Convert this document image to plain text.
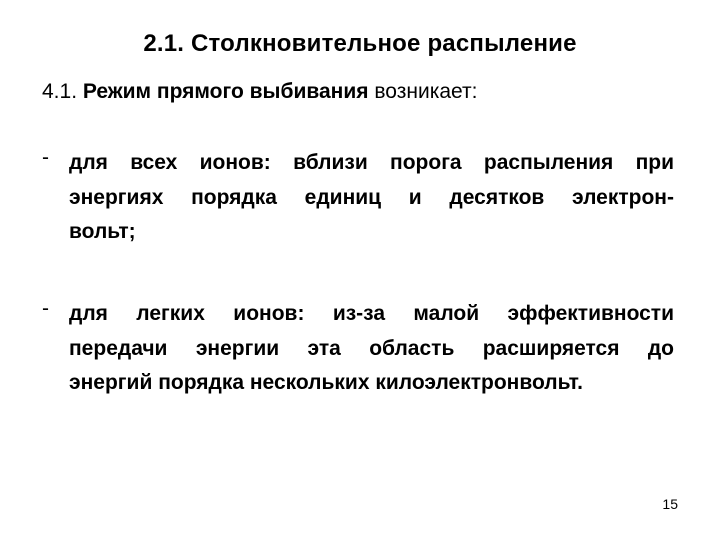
2.1. Столкновительное распыление
4.1. Режим прямого выбивания возникает:
- для всех ионов: вблизи порога распыления при
энергиях порядка единиц и десятков электрон-
вольт;
- для легких ионов: из-за малой эффективности
передачи энергии эта область расширяется до
энергий порядка нескольких килоэлектронвольт.
15
